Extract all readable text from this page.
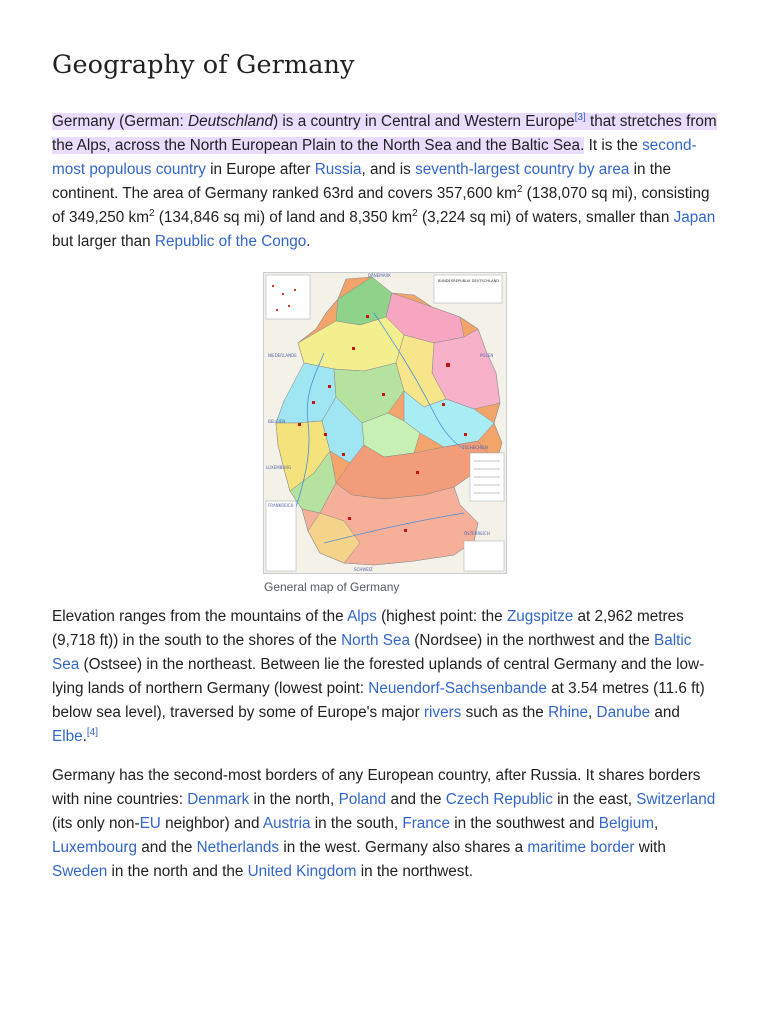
Geography of Germany

Germany (German: Deutschland) is a country in Central and Western Europe[3] that stretches from the Alps, across the North European Plain to the North Sea and the Baltic Sea. It is the second-most populous country in Europe after Russia, and is seventh-largest country by area in the continent. The area of Germany ranked 63rd and covers 357,600 $km^2$ (138,070 sq mi), consisting of 349,250 $km^2$ (134,846 sq mi) of land and 8,350 $km^2$ (3,224 sq mi) of waters, smaller than Japan but larger than Republic of the Congo.

BUNDESREPUBLIK DEUTSCHLAND
DÄNEMARK
POLEN
NIEDERLANDE
BELGIEN
LUXEMBURG
FRANKREICH
SCHWEIZ
ÖSTERREICH
TSCHECHIEN
General map of Germany

Elevation ranges from the mountains of the Alps (highest point: the Zugspitze at 2,962 metres (9,718 ft)) in the south to the shores of the North Sea (Nordsee) in the northwest and the Baltic Sea (Ostsee) in the northeast. Between lie the forested uplands of central Germany and the low-lying lands of northern Germany (lowest point: Neuendorf-Sachsenbande at 3.54 metres (11.6 ft) below sea level), traversed by some of Europe's major rivers such as the Rhine, Danube and Elbe.[4]

Germany has the second-most borders of any European country, after Russia. It shares borders with nine countries: Denmark in the north, Poland and the Czech Republic in the east, Switzerland (its only non-EU neighbor) and Austria in the south, France in the southwest and Belgium, Luxembourg and the Netherlands in the west. Germany also shares a maritime border with Sweden in the north and the United Kingdom in the northwest.
